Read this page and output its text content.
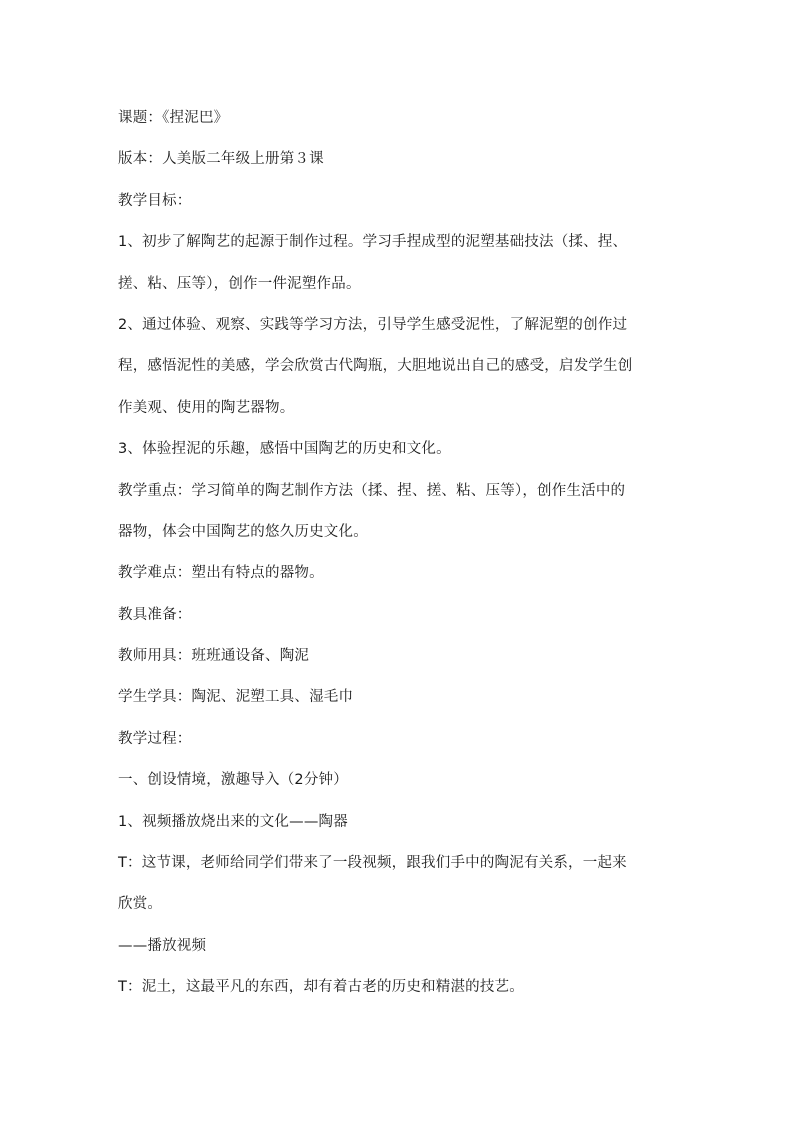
课题：《捏泥巴》
版本：人美版二年级上册第３课
教学目标：
1、初步了解陶艺的起源于制作过程。学习手捏成型的泥塑基础技法（揉、捏、
搓、粘、压等），创作一件泥塑作品。
2、通过体验、观察、实践等学习方法，引导学生感受泥性，了解泥塑的创作过
程，感悟泥性的美感，学会欣赏古代陶瓶，大胆地说出自己的感受，启发学生创
作美观、使用的陶艺器物。
3、体验捏泥的乐趣，感悟中国陶艺的历史和文化。
教学重点：学习简单的陶艺制作方法（揉、捏、搓、粘、压等），创作生活中的
器物，体会中国陶艺的悠久历史文化。
教学难点：塑出有特点的器物。
教具准备：
教师用具：班班通设备、陶泥
学生学具：陶泥、泥塑工具、湿毛巾
教学过程：
一、创设情境，激趣导入（2分钟）
1、视频播放烧出来的文化——陶器
T：这节课，老师给同学们带来了一段视频，跟我们手中的陶泥有关系，一起来
欣赏。
——播放视频
T：泥土，这最平凡的东西，却有着古老的历史和精湛的技艺。
